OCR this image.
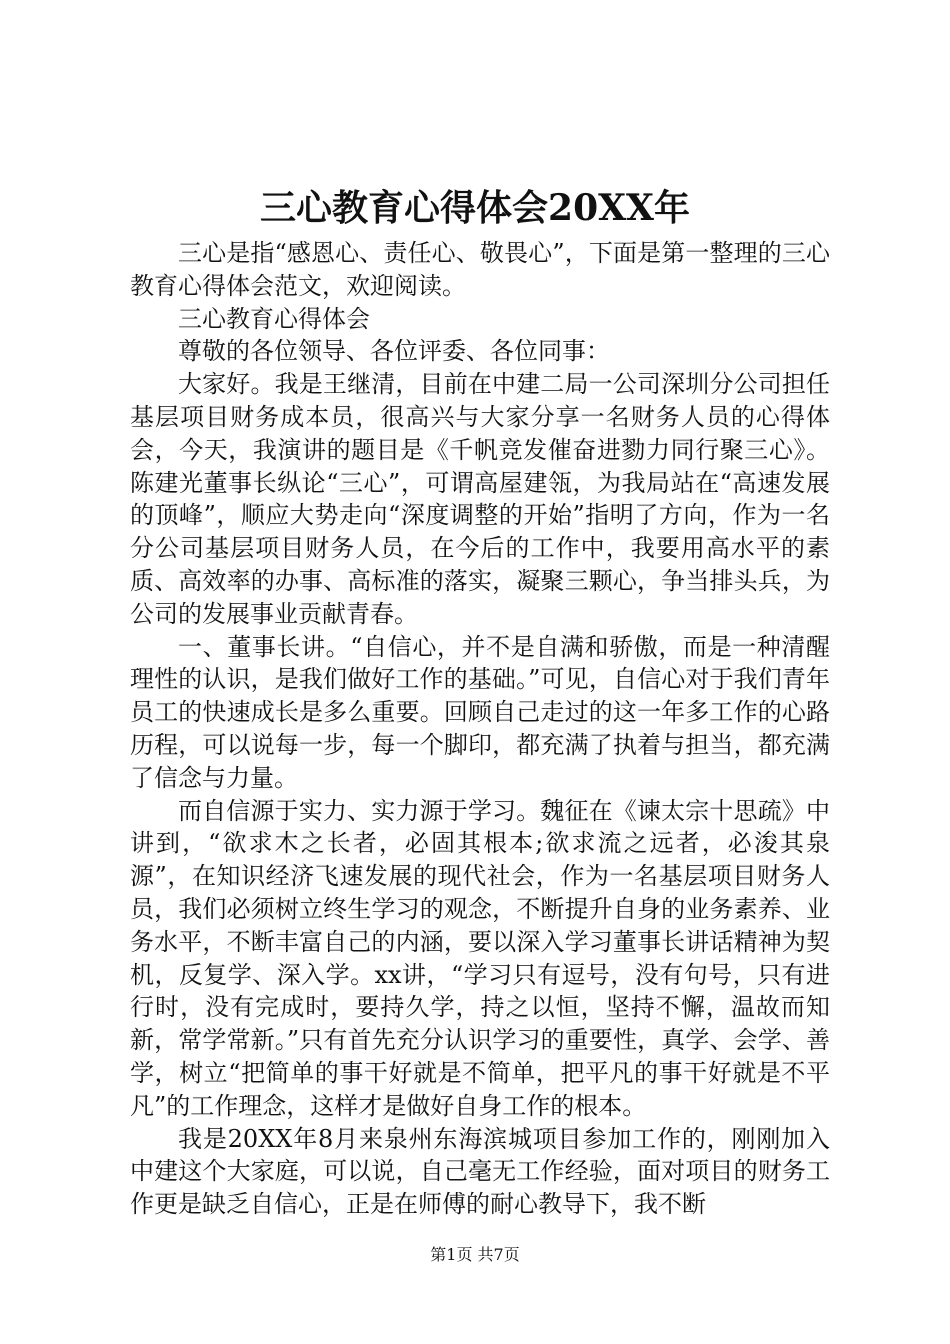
三心教育心得体会20XX年

三心是指“感恩心、责任心、敬畏心”，下面是第一整理的三心教育心得体会范文，欢迎阅读。

三心教育心得体会

尊敬的各位领导、各位评委、各位同事：

大家好。我是王继清，目前在中建二局一公司深圳分公司担任基层项目财务成本员，很高兴与大家分享一名财务人员的心得体会，今天，我演讲的题目是《千帆竞发催奋进勠力同行聚三心》。陈建光董事长纵论“三心”，可谓高屋建瓴，为我局站在“高速发展的顶峰”，顺应大势走向“深度调整的开始”指明了方向，作为一名分公司基层项目财务人员，在今后的工作中，我要用高水平的素质、高效率的办事、高标准的落实，凝聚三颗心，争当排头兵，为公司的发展事业贡献青春。

一、董事长讲。“自信心，并不是自满和骄傲，而是一种清醒理性的认识，是我们做好工作的基础。”可见，自信心对于我们青年员工的快速成长是多么重要。回顾自己走过的这一年多工作的心路历程，可以说每一步，每一个脚印，都充满了执着与担当，都充满了信念与力量。

而自信源于实力、实力源于学习。魏征在《谏太宗十思疏》中讲到，“欲求木之长者，必固其根本;欲求流之远者，必浚其泉源”，在知识经济飞速发展的现代社会，作为一名基层项目财务人员，我们必须树立终生学习的观念，不断提升自身的业务素养、业务水平，不断丰富自己的内涵，要以深入学习董事长讲话精神为契机，反复学、深入学。xx讲，“学习只有逗号，没有句号，只有进行时，没有完成时，要持久学，持之以恒，坚持不懈，温故而知新，常学常新。”只有首先充分认识学习的重要性，真学、会学、善学，树立“把简单的事干好就是不简单，把平凡的事干好就是不平凡”的工作理念，这样才是做好自身工作的根本。

我是20XX年8月来泉州东海滨城项目参加工作的，刚刚加入中建这个大家庭，可以说，自己毫无工作经验，面对项目的财务工作更是缺乏自信心，正是在师傅的耐心教导下，我不断

第1页 共7页
